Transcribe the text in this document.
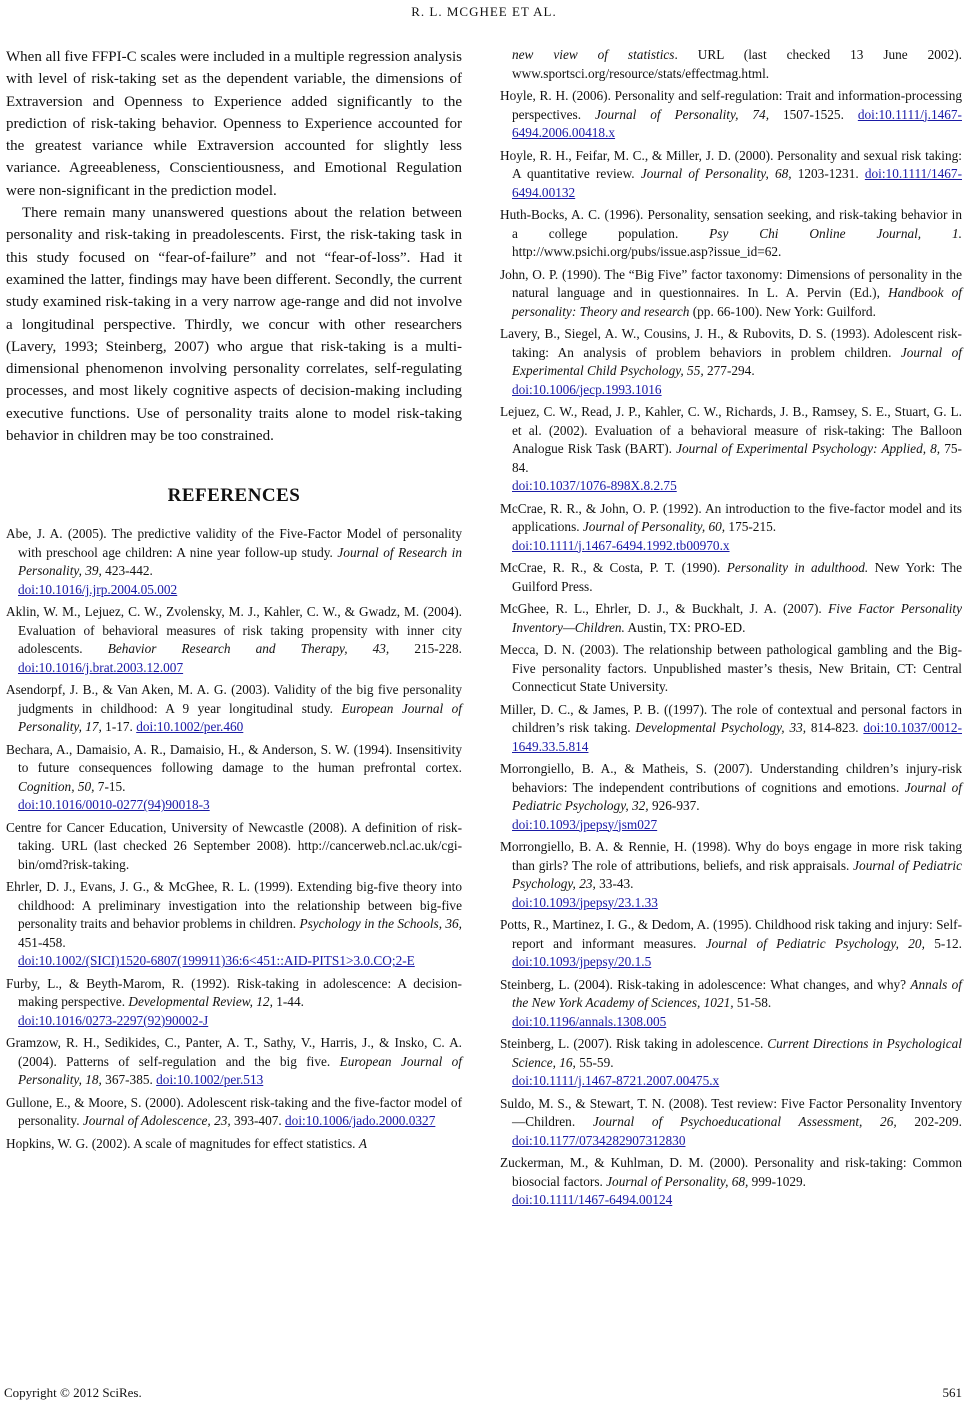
R. L. MCGHEE ET AL.

When all five FFPI-C scales were included in a multiple regression analysis with level of risk-taking set as the dependent variable, the dimensions of Extraversion and Openness to Experience added significantly to the prediction of risk-taking behavior. Openness to Experience accounted for the greatest variance while Extraversion accounted for slightly less variance. Agreeableness, Conscientiousness, and Emotional Regulation were non-significant in the prediction model.

There remain many unanswered questions about the relation between personality and risk-taking in preadolescents. First, the risk-taking task in this study focused on “fear-of-failure” and not “fear-of-loss”. Had it examined the latter, findings may have been different. Secondly, the current study examined risk-taking in a very narrow age-range and did not involve a longitudinal perspective. Thirdly, we concur with other researchers (Lavery, 1993; Steinberg, 2007) who argue that risk-taking is a multi-dimensional phenomenon involving personality correlates, self-regulating processes, and most likely cognitive aspects of decision-making including executive functions. Use of personality traits alone to model risk-taking behavior in children may be too constrained.

REFERENCES

Abe, J. A. (2005). The predictive validity of the Five-Factor Model of personality with preschool age children: A nine year follow-up study. Journal of Research in Personality, 39, 423-442.
doi:10.1016/j.jrp.2004.05.002

Aklin, W. M., Lejuez, C. W., Zvolensky, M. J., Kahler, C. W., & Gwadz, M. (2004). Evaluation of behavioral measures of risk taking propensity with inner city adolescents. Behavior Research and Therapy, 43, 215-228. doi:10.1016/j.brat.2003.12.007

Asendorpf, J. B., & Van Aken, M. A. G. (2003). Validity of the big five personality judgments in childhood: A 9 year longitudinal study. European Journal of Personality, 17, 1-17. doi:10.1002/per.460

Bechara, A., Damaisio, A. R., Damaisio, H., & Anderson, S. W. (1994). Insensitivity to future consequences following damage to the human prefrontal cortex. Cognition, 50, 7-15.
doi:10.1016/0010-0277(94)90018-3

Centre for Cancer Education, University of Newcastle (2008). A definition of risk-taking. URL (last checked 26 September 2008). http://cancerweb.ncl.ac.uk/cgi-bin/omd?risk-taking.

Ehrler, D. J., Evans, J. G., & McGhee, R. L. (1999). Extending big-five theory into childhood: A preliminary investigation into the relationship between big-five personality traits and behavior problems in children. Psychology in the Schools, 36, 451-458.
doi:10.1002/(SICI)1520-6807(199911)36:6<451::AID-PITS1>3.0.CO;2-E

Furby, L., & Beyth-Marom, R. (1992). Risk-taking in adolescence: A decision-making perspective. Developmental Review, 12, 1-44.
doi:10.1016/0273-2297(92)90002-J

Gramzow, R. H., Sedikides, C., Panter, A. T., Sathy, V., Harris, J., & Insko, C. A. (2004). Patterns of self-regulation and the big five. European Journal of Personality, 18, 367-385. doi:10.1002/per.513

Gullone, E., & Moore, S. (2000). Adolescent risk-taking and the five-factor model of personality. Journal of Adolescence, 23, 393-407. doi:10.1006/jado.2000.0327

Hopkins, W. G. (2002). A scale of magnitudes for effect statistics. A

new view of statistics. URL (last checked 13 June 2002). www.sportsci.org/resource/stats/effectmag.html.

Hoyle, R. H. (2006). Personality and self-regulation: Trait and information-processing perspectives. Journal of Personality, 74, 1507-1525. doi:10.1111/j.1467-6494.2006.00418.x

Hoyle, R. H., Feifar, M. C., & Miller, J. D. (2000). Personality and sexual risk taking: A quantitative review. Journal of Personality, 68, 1203-1231. doi:10.1111/1467-6494.00132

Huth-Bocks, A. C. (1996). Personality, sensation seeking, and risk-taking behavior in a college population. Psy Chi Online Journal, 1. http://www.psichi.org/pubs/issue.asp?issue_id=62.

John, O. P. (1990). The “Big Five” factor taxonomy: Dimensions of personality in the natural language and in questionnaires. In L. A. Pervin (Ed.), Handbook of personality: Theory and research (pp. 66-100). New York: Guilford.

Lavery, B., Siegel, A. W., Cousins, J. H., & Rubovits, D. S. (1993). Adolescent risk-taking: An analysis of problem behaviors in problem children. Journal of Experimental Child Psychology, 55, 277-294.
doi:10.1006/jecp.1993.1016

Lejuez, C. W., Read, J. P., Kahler, C. W., Richards, J. B., Ramsey, S. E., Stuart, G. L. et al. (2002). Evaluation of a behavioral measure of risk-taking: The Balloon Analogue Risk Task (BART). Journal of Experimental Psychology: Applied, 8, 75-84.
doi:10.1037/1076-898X.8.2.75

McCrae, R. R., & John, O. P. (1992). An introduction to the five-factor model and its applications. Journal of Personality, 60, 175-215.
doi:10.1111/j.1467-6494.1992.tb00970.x

McCrae, R. R., & Costa, P. T. (1990). Personality in adulthood. New York: The Guilford Press.

McGhee, R. L., Ehrler, D. J., & Buckhalt, J. A. (2007). Five Factor Personality Inventory—Children. Austin, TX: PRO-ED.

Mecca, D. N. (2003). The relationship between pathological gambling and the Big-Five personality factors. Unpublished master’s thesis, New Britain, CT: Central Connecticut State University.

Miller, D. C., & James, P. B. ((1997). The role of contextual and personal factors in children’s risk taking. Developmental Psychology, 33, 814-823. doi:10.1037/0012-1649.33.5.814

Morrongiello, B. A., & Matheis, S. (2007). Understanding children’s injury-risk behaviors: The independent contributions of cognitions and emotions. Journal of Pediatric Psychology, 32, 926-937.
doi:10.1093/jpepsy/jsm027

Morrongiello, B. A. & Rennie, H. (1998). Why do boys engage in more risk taking than girls? The role of attributions, beliefs, and risk appraisals. Journal of Pediatric Psychology, 23, 33-43.
doi:10.1093/jpepsy/23.1.33

Potts, R., Martinez, I. G., & Dedom, A. (1995). Childhood risk taking and injury: Self-report and informant measures. Journal of Pediatric Psychology, 20, 5-12. doi:10.1093/jpepsy/20.1.5

Steinberg, L. (2004). Risk-taking in adolescence: What changes, and why? Annals of the New York Academy of Sciences, 1021, 51-58.
doi:10.1196/annals.1308.005

Steinberg, L. (2007). Risk taking in adolescence. Current Directions in Psychological Science, 16, 55-59.
doi:10.1111/j.1467-8721.2007.00475.x

Suldo, M. S., & Stewart, T. N. (2008). Test review: Five Factor Personality Inventory—Children. Journal of Psychoeducational Assessment, 26, 202-209. doi:10.1177/0734282907312830

Zuckerman, M., & Kuhlman, D. M. (2000). Personality and risk-taking: Common biosocial factors. Journal of Personality, 68, 999-1029.
doi:10.1111/1467-6494.00124

Copyright © 2012 SciRes.	561
